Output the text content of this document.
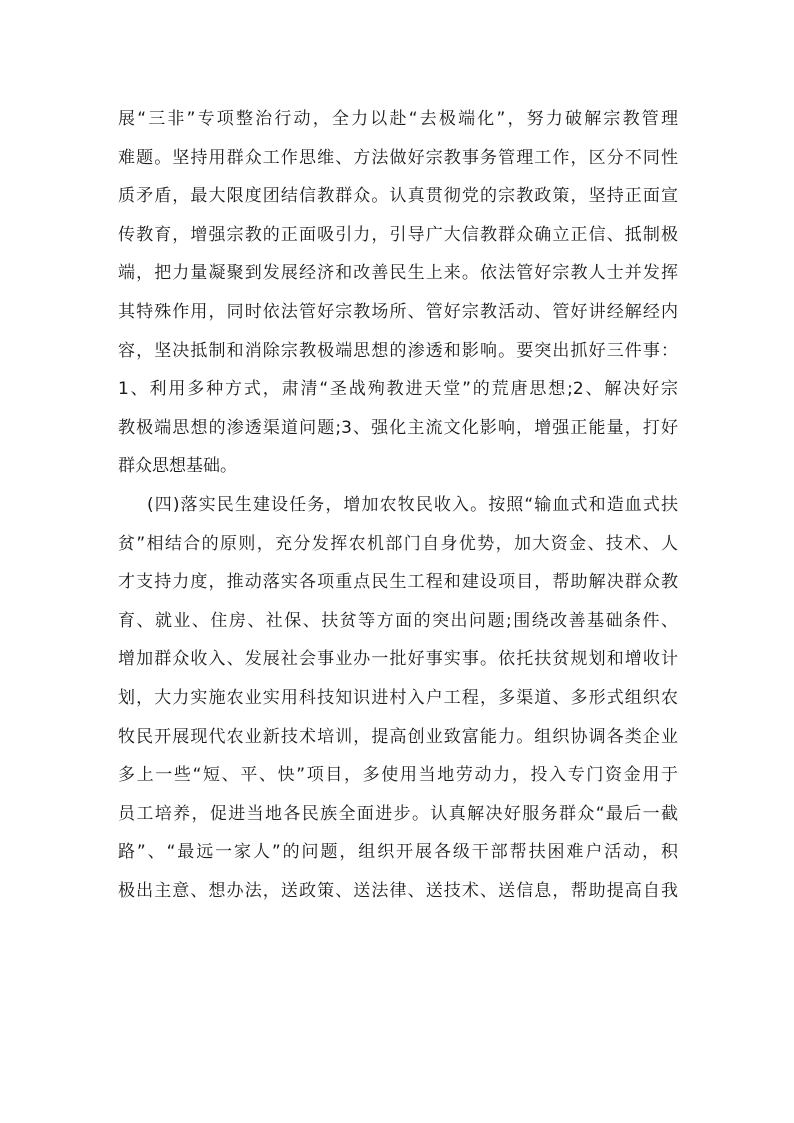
展“三非”专项整治行动，全力以赴“去极端化”，努力破解宗教管理
难题。坚持用群众工作思维、方法做好宗教事务管理工作，区分不同性
质矛盾，最大限度团结信教群众。认真贯彻党的宗教政策，坚持正面宣
传教育，增强宗教的正面吸引力，引导广大信教群众确立正信、抵制极
端，把力量凝聚到发展经济和改善民生上来。依法管好宗教人士并发挥
其特殊作用，同时依法管好宗教场所、管好宗教活动、管好讲经解经内
容，坚决抵制和消除宗教极端思想的渗透和影响。要突出抓好三件事：
1、利用多种方式，肃清“圣战殉教进天堂”的荒唐思想;2、解决好宗
教极端思想的渗透渠道问题;3、强化主流文化影响，增强正能量，打好
群众思想基础。
(四)落实民生建设任务，增加农牧民收入。按照“输血式和造血式扶
贫”相结合的原则，充分发挥农机部门自身优势，加大资金、技术、人
才支持力度，推动落实各项重点民生工程和建设项目，帮助解决群众教
育、就业、住房、社保、扶贫等方面的突出问题;围绕改善基础条件、
增加群众收入、发展社会事业办一批好事实事。依托扶贫规划和增收计
划，大力实施农业实用科技知识进村入户工程，多渠道、多形式组织农
牧民开展现代农业新技术培训，提高创业致富能力。组织协调各类企业
多上一些“短、平、快”项目，多使用当地劳动力，投入专门资金用于
员工培养，促进当地各民族全面进步。认真解决好服务群众“最后一截
路”、“最远一家人”的问题，组织开展各级干部帮扶困难户活动，积
极出主意、想办法，送政策、送法律、送技术、送信息，帮助提高自我
